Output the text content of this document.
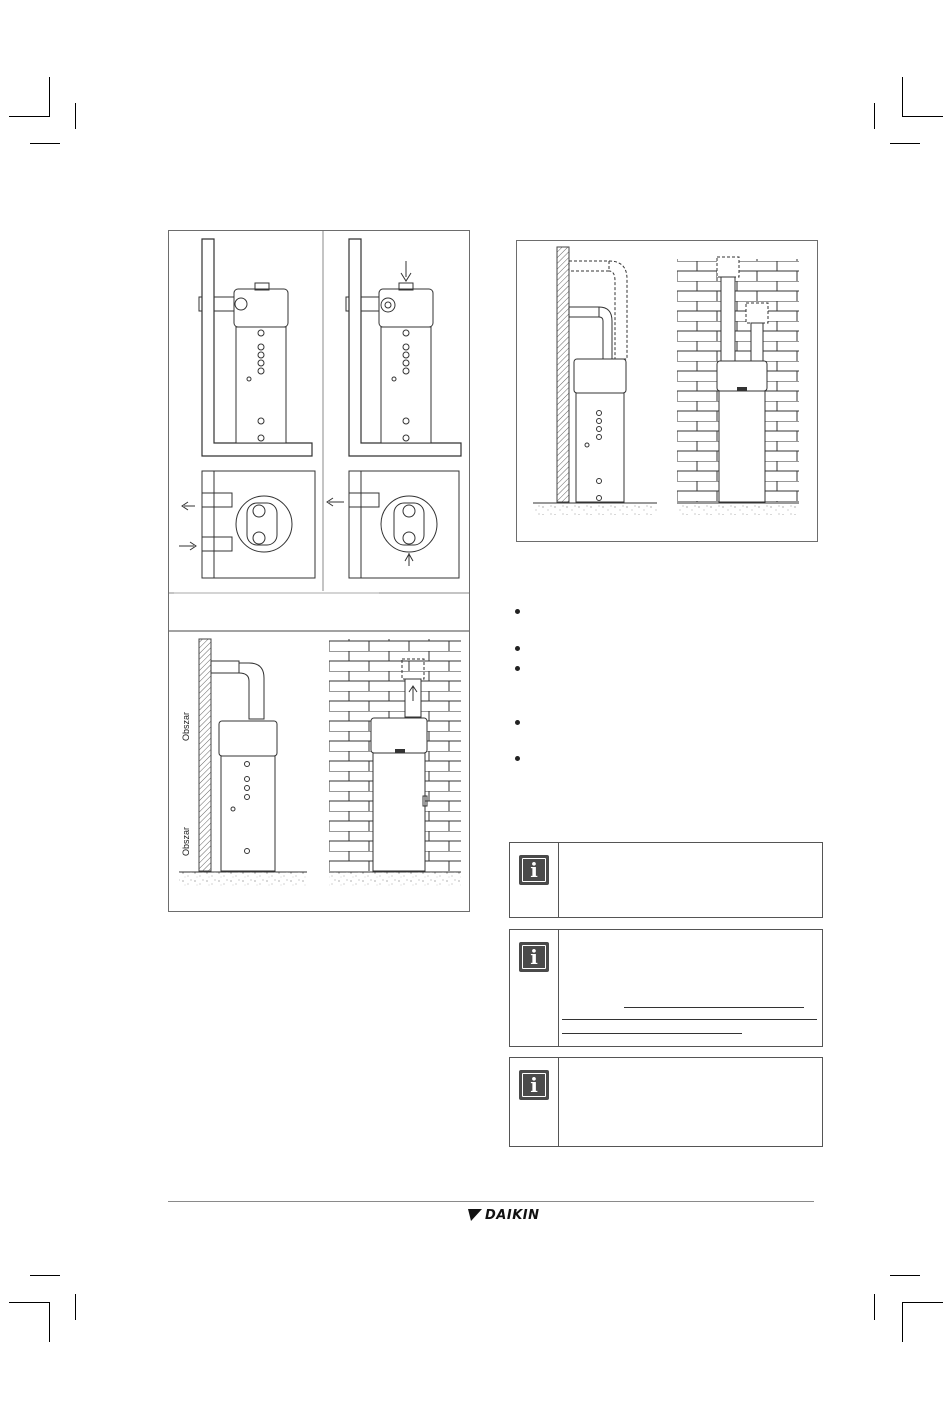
Obszar
Obszar
i
i
i
DAIKIN
